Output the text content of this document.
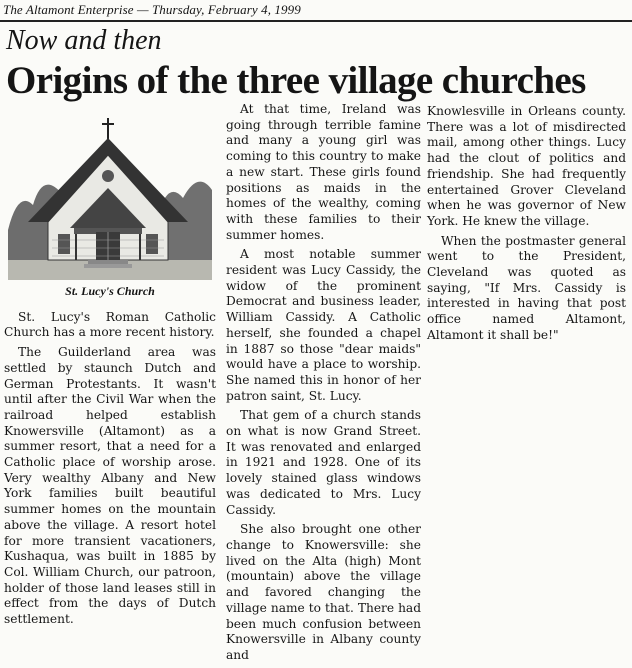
The Altamont Enterprise — Thursday, February 4, 1999
Now and then
Origins of the three village churches
St. Lucy's Church

St. Lucy's Roman Catholic Church has a more recent history.

The Guilderland area was settled by staunch Dutch and German Protestants. It wasn't until after the Civil War when the railroad helped establish Knowersville (Altamont) as a summer resort, that a need for a Catholic place of worship arose. Very wealthy Albany and New York families built beautiful summer homes on the mountain above the village. A resort hotel for more transient vacationers, Kushaqua, was built in 1885 by Col. William Church, our patroon, holder of those land leases still in effect from the days of Dutch settlement.

At that time, Ireland was going through terrible famine and many a young girl was coming to this country to make a new start. These girls found positions as maids in the homes of the wealthy, coming with these families to their summer homes.

A most notable summer resident was Lucy Cassidy, the widow of the prominent Democrat and business leader, William Cassidy. A Catholic herself, she founded a chapel in 1887 so those "dear maids" would have a place to worship. She named this in honor of her patron saint, St. Lucy.

That gem of a church stands on what is now Grand Street. It was renovated and enlarged in 1921 and 1928. One of its lovely stained glass windows was dedicated to Mrs. Lucy Cassidy.

She also brought one other change to Knowersville: she lived on the Alta (high) Mont (mountain) above the village and favored changing the village name to that. There had been much confusion between Knowersville in Albany county and

Knowlesville in Orleans county. There was a lot of misdirected mail, among other things. Lucy had the clout of politics and friendship. She had frequently entertained Grover Cleveland when he was governor of New York. He knew the village.

When the postmaster general went to the President, Cleveland was quoted as saying, "If Mrs. Cassidy is interested in having that post office named Altamont, Altamont it shall be!"
